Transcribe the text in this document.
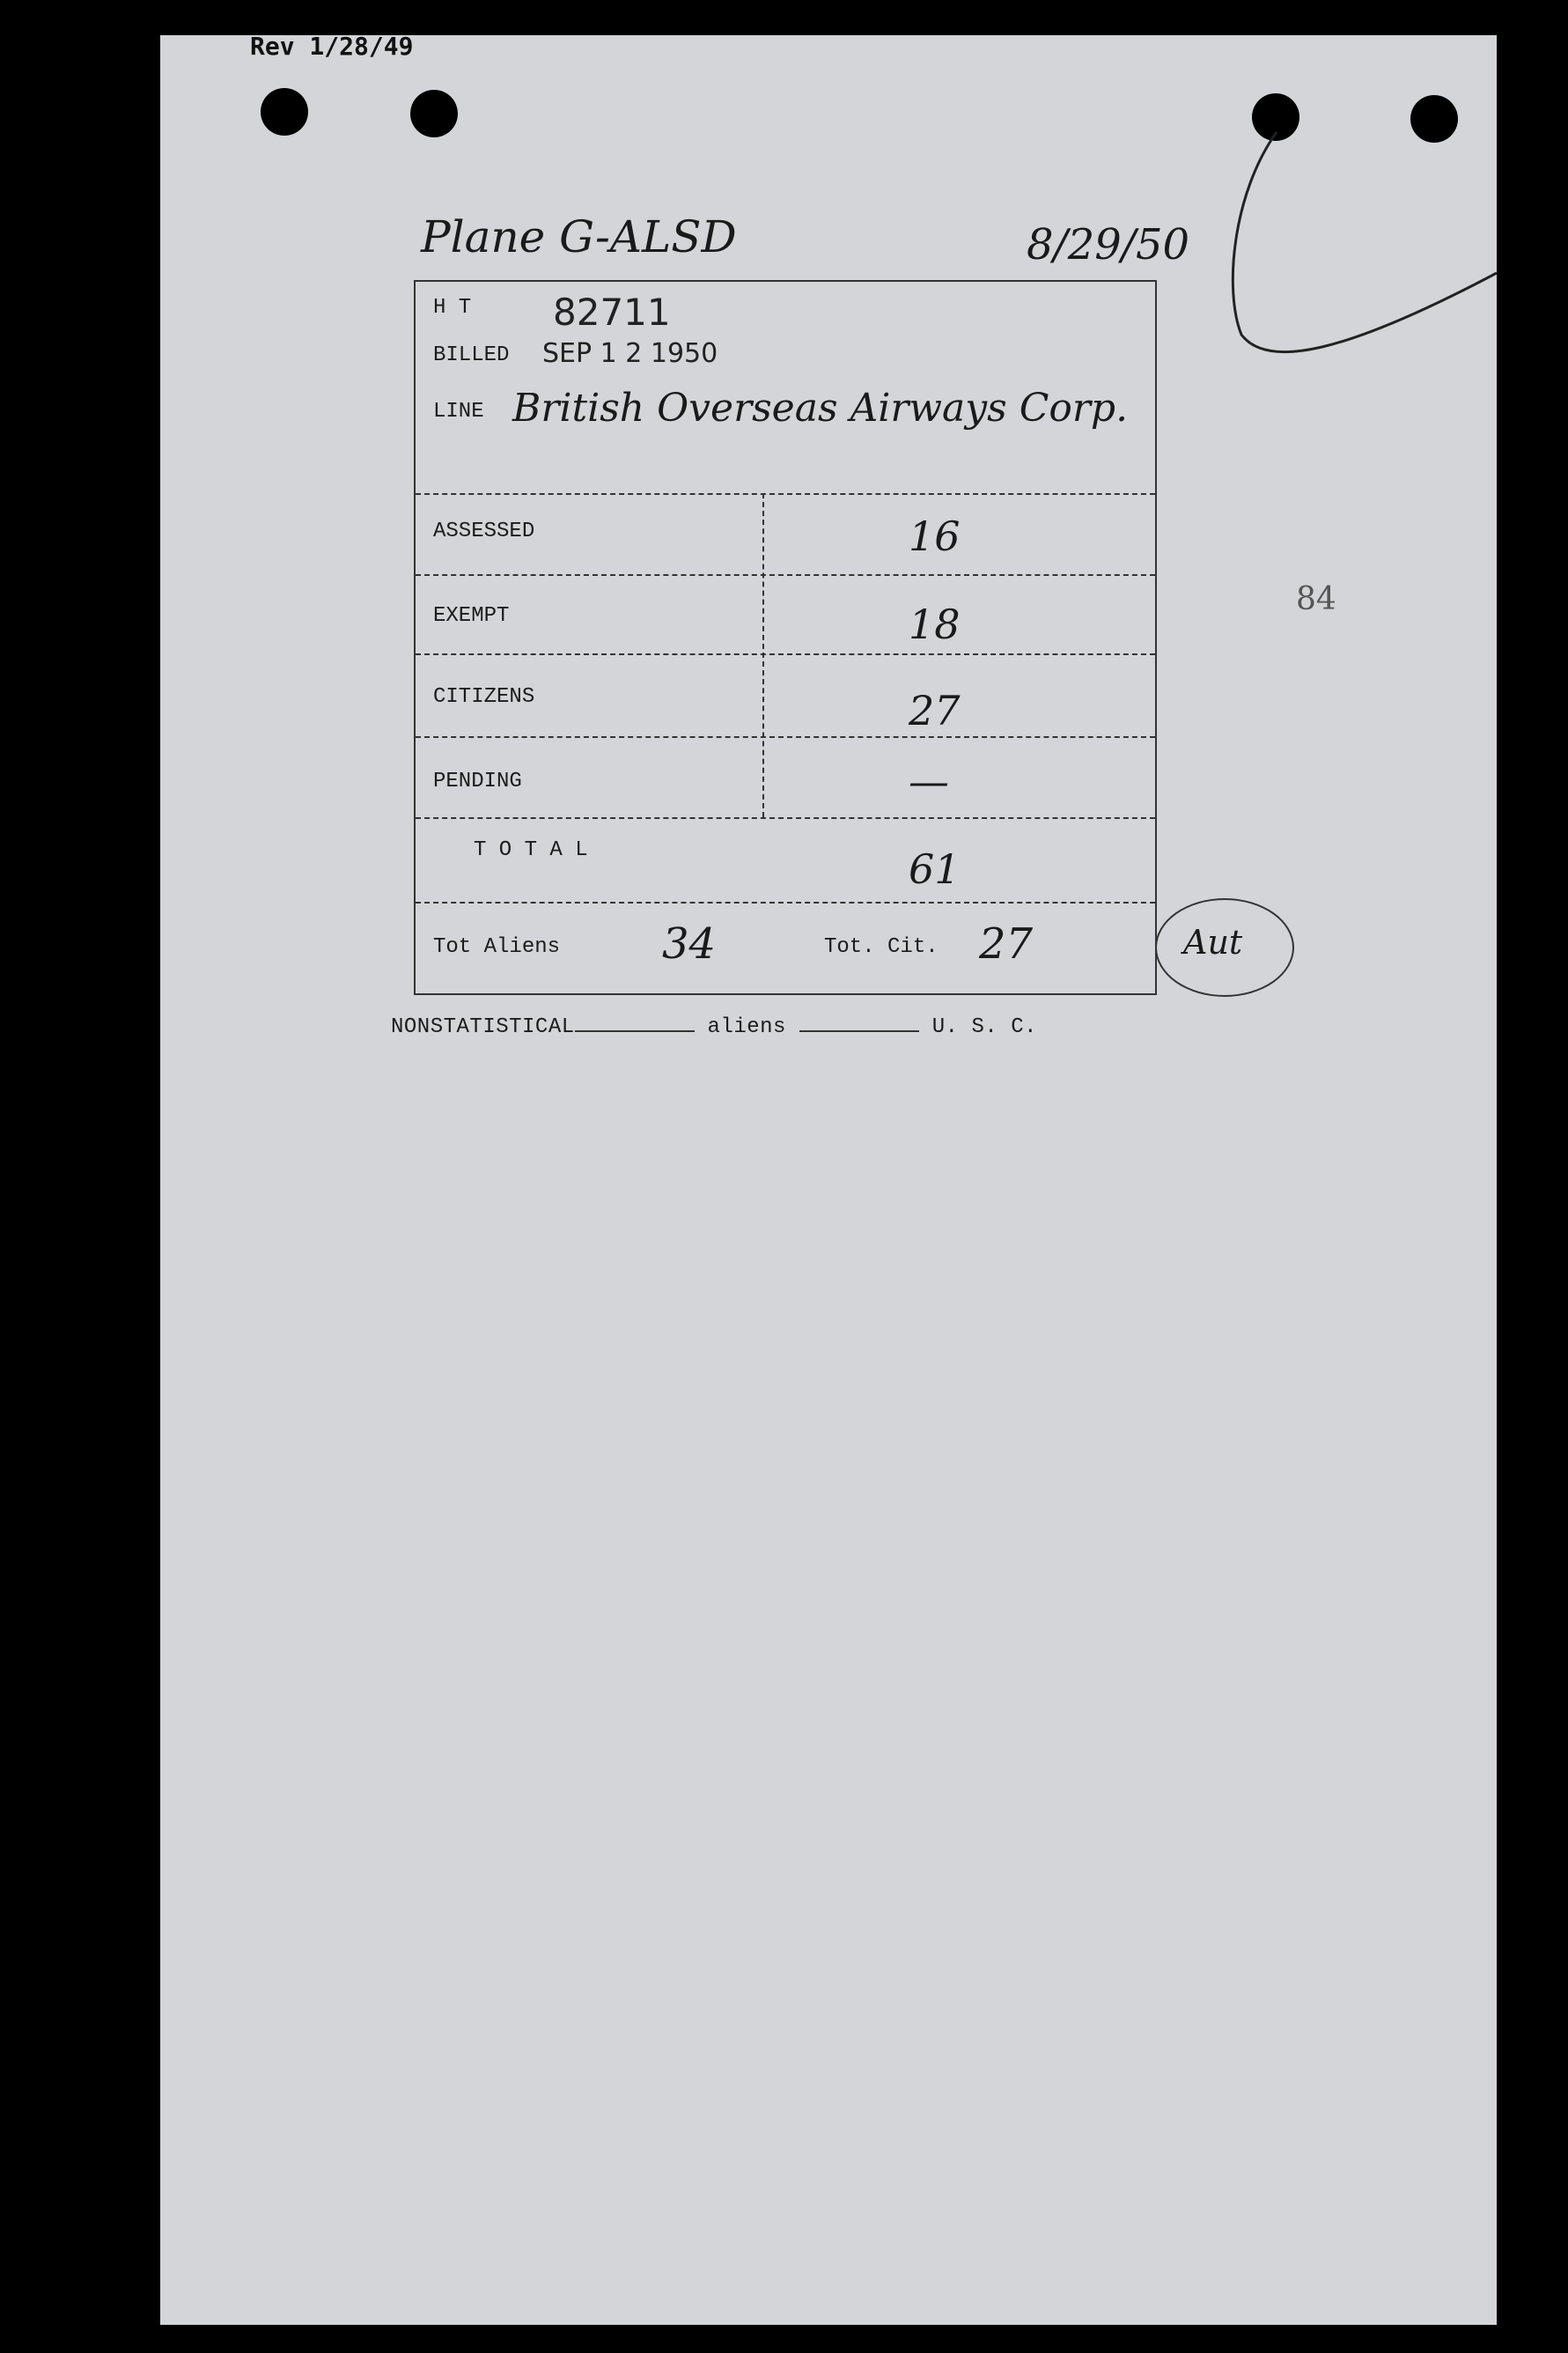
Rev 1/28/49
Plane G-ALSD	8/29/50
H T 82711
BILLED SEP 1 2 1950
LINE British Overseas Airways Corp.
ASSESSED	16
EXEMPT	18
CITIZENS	27
PENDING	—
T O T A L	61
Tot Aliens 34	Tot. Cit. 27	Aut
84
NONSTATISTICAL	aliens	U. S. C.
